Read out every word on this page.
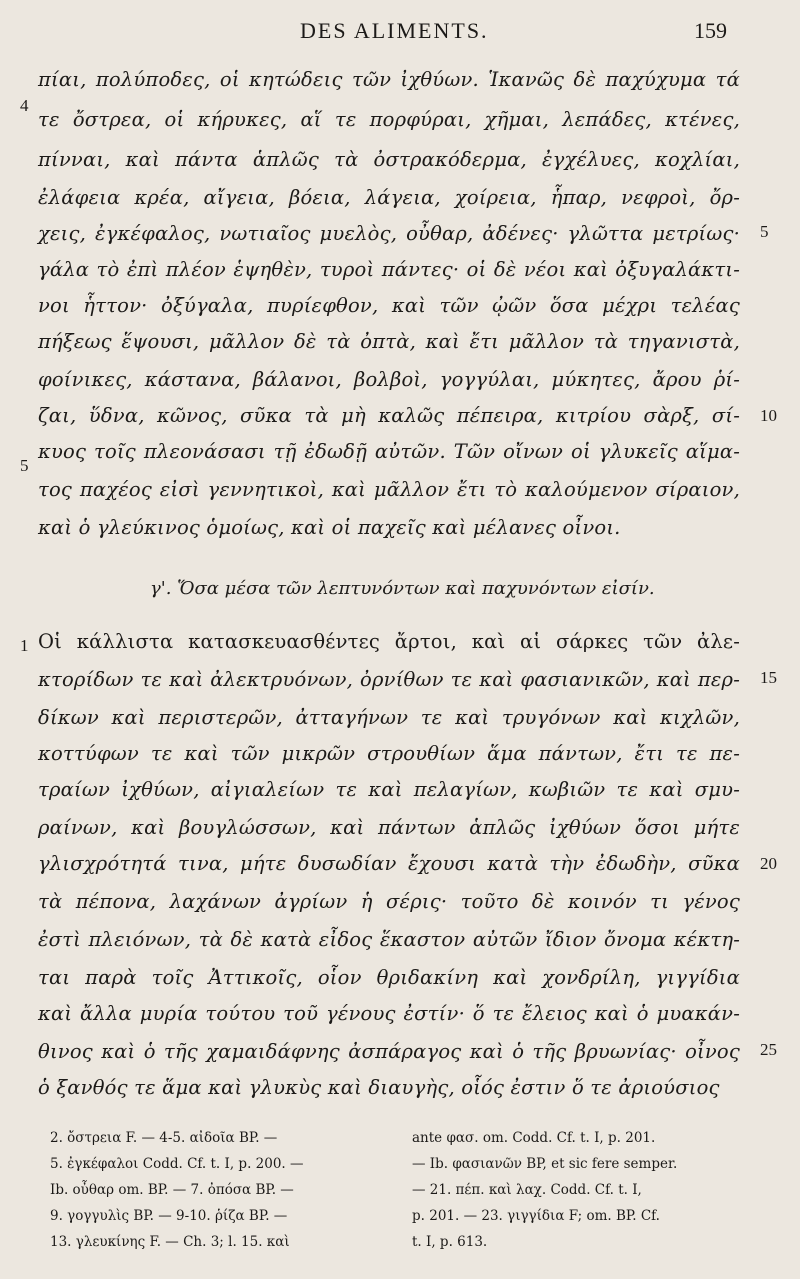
DES ALIMENTS.	159
πίαι, πολύποδες, οἱ κητώδεις τῶν ἰχθύων. Ἱκανῶς δὲ παχύχυμα τά
τε ὄστρεα, οἱ κήρυκες, αἵ τε πορφύραι, χῆμαι, λεπάδες, κτένες,
πίνναι, καὶ πάντα ἁπλῶς τὰ ὀστρακόδερμα, ἐγχέλυες, κοχλίαι,
ἐλάφεια κρέα, αἴγεια, βόεια, λάγεια, χοίρεια, ἧπαρ, νεφροὶ, ὄρ-
χεις, ἐγκέφαλος, νωτιαῖος μυελὸς, οὖθαρ, ἀδένες· γλῶττα μετρίως·
γάλα τὸ ἐπὶ πλέον ἑψηθὲν, τυροὶ πάντες· οἱ δὲ νέοι καὶ ὀξυγαλάκτι-
νοι ἧττον· ὀξύγαλα, πυρίεφθον, καὶ τῶν ᾠῶν ὅσα μέχρι τελέας
πήξεως ἕψουσι, μᾶλλον δὲ τὰ ὀπτὰ, καὶ ἔτι μᾶλλον τὰ τηγανιστὰ,
φοίνικες, κάστανα, βάλανοι, βολβοὶ, γογγύλαι, μύκητες, ἄρου ῥί-
ζαι, ὕδνα, κῶνος, σῦκα τὰ μὴ καλῶς πέπειρα, κιτρίου σὰρξ, σί-
κυος τοῖς πλεονάσασι τῇ ἐδωδῇ αὐτῶν. Τῶν οἴνων οἱ γλυκεῖς αἵμα-
τος παχέος εἰσὶ γεννητικοὶ, καὶ μᾶλλον ἔτι τὸ καλούμενον σίραιον,
καὶ ὁ γλεύκινος ὁμοίως, καὶ οἱ παχεῖς καὶ μέλανες οἶνοι.
γ'. Ὅσα μέσα τῶν λεπτυνόντων καὶ παχυνόντων εἰσίν.
Οἱ κάλλιστα κατασκευασθέντες ἄρτοι, καὶ αἱ σάρκες τῶν ἀλε-
κτορίδων τε καὶ ἀλεκτρυόνων, ὀρνίθων τε καὶ φασιανικῶν, καὶ περ-
δίκων καὶ περιστερῶν, ἀτταγήνων τε καὶ τρυγόνων καὶ κιχλῶν,
κοττύφων τε καὶ τῶν μικρῶν στρουθίων ἅμα πάντων, ἔτι τε πε-
τραίων ἰχθύων, αἰγιαλείων τε καὶ πελαγίων, κωβιῶν τε καὶ σμυ-
ραίνων, καὶ βουγλώσσων, καὶ πάντων ἁπλῶς ἰχθύων ὅσοι μήτε
γλισχρότητά τινα, μήτε δυσωδίαν ἔχουσι κατὰ τὴν ἐδωδὴν, σῦκα
τὰ πέπονα, λαχάνων ἀγρίων ἡ σέρις· τοῦτο δὲ κοινόν τι γένος
ἐστὶ πλειόνων, τὰ δὲ κατὰ εἶδος ἕκαστον αὐτῶν ἴδιον ὄνομα κέκτη-
ται παρὰ τοῖς Ἀττικοῖς, οἷον θριδακίνη καὶ χονδρίλη, γιγγίδια
καὶ ἄλλα μυρία τούτου τοῦ γένους ἐστίν· ὅ τε ἔλειος καὶ ὁ μυακάν-
θινος καὶ ὁ τῆς χαμαιδάφνης ἀσπάραγος καὶ ὁ τῆς βρυωνίας· οἶνος
ὁ ξανθός τε ἅμα καὶ γλυκὺς καὶ διαυγὴς, οἷός ἐστιν ὅ τε ἀριούσιος
4
5
1
5
10
15
20
25
2. ὄστρεια F. — 4-5. αἰδοῖα BP. —
5. ἐγκέφαλοι Codd. Cf. t. I, p. 200. —
Ib. οὖθαρ om. BP. — 7. ὀπόσα BP. —
9. γογγυλὶς BP. — 9-10. ῥίζα BP. —
13. γλευκίνης F. — Ch. 3; l. 15. καὶ
ante φασ. om. Codd. Cf. t. I, p. 201.
— Ib. φασιανῶν BP, et sic fere semper.
— 21. πέπ. καὶ λαχ. Codd. Cf. t. I,
p. 201. — 23. γιγγίδια F; om. BP. Cf.
t. I, p. 613.
